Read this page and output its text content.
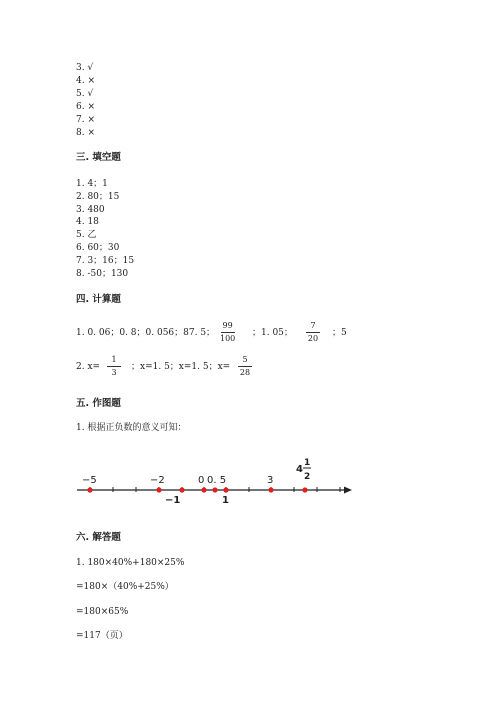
3. √
4. ×
5. √
6. ×
7. ×
8. ×
三. 填空题
1. 4；1
2. 80；15
3. 480
4. 18
5. 乙
6. 60；30
7. 3；16；15
8. -50；130
四. 计算题
1. 0. 06；0. 8；0. 056；87. 5；
99
100
；1. 05；
7
20
；5
2. x=
1
3
；x=1. 5；x=1. 5；x=
5
28
五. 作图题
1. 根据正负数的意义可知：
−5	−2	0 0. 5	3
−1	1
4
1
2
六. 解答题
1. 180×40%+180×25%
=180×（40%+25%）
=180×65%
=117（页）
